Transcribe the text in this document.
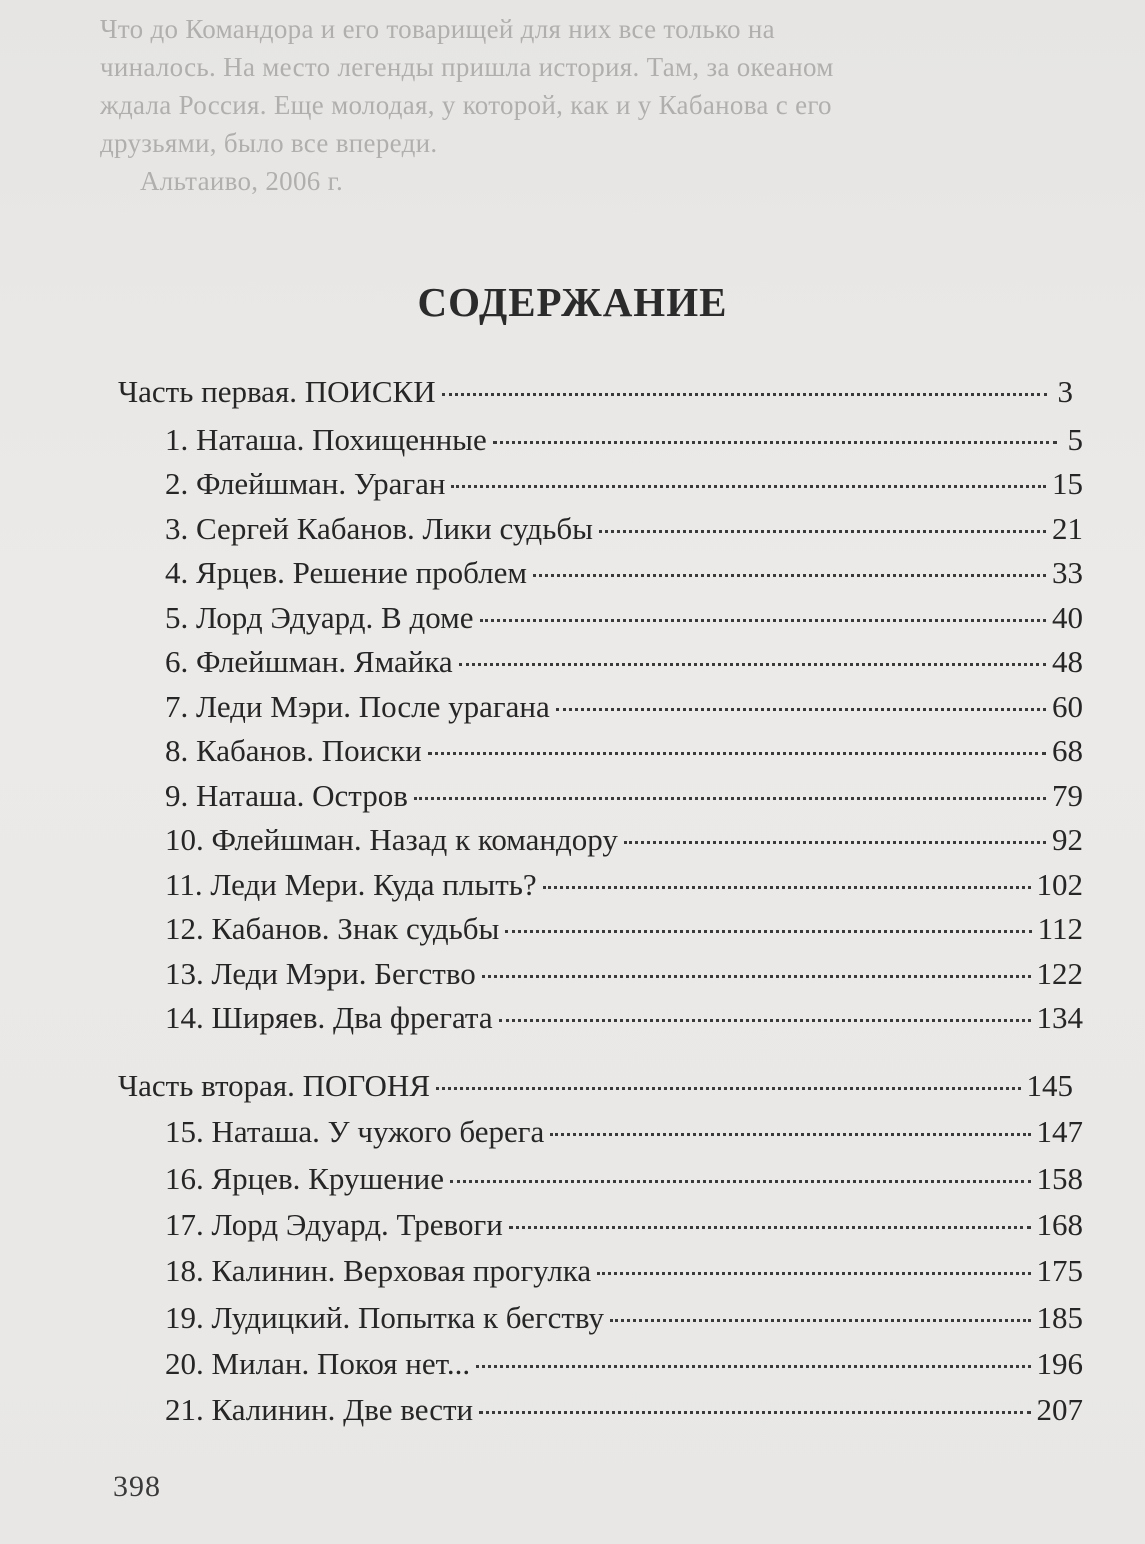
Что до Командора и его товарищей для них все только на
чиналось. На место легенды пришла история. Там, за океаном
ждала Россия. Еще молодая, у которой, как и у Кабанова с его
друзьями, было все впереди.
Альтаиво, 2006 г.
СОДЕРЖАНИЕ
Часть первая. ПОИСКИ	3
1. Наташа. Похищенные	5
2. Флейшман. Ураган	15
3. Сергей Кабанов. Лики судьбы	21
4. Ярцев. Решение проблем	33
5. Лорд Эдуард. В доме	40
6. Флейшман. Ямайка	48
7. Леди Мэри. После урагана	60
8. Кабанов. Поиски	68
9. Наташа. Остров	79
10. Флейшман. Назад к командору	92
11. Леди Мери. Куда плыть?	102
12. Кабанов. Знак судьбы	112
13. Леди Мэри. Бегство	122
14. Ширяев. Два фрегата	134
Часть вторая. ПОГОНЯ	145
15. Наташа. У чужого берега	147
16. Ярцев. Крушение	158
17. Лорд Эдуард. Тревоги	168
18. Калинин. Верховая прогулка	175
19. Лудицкий. Попытка к бегству	185
20. Милан. Покоя нет...	196
21. Калинин. Две вести	207
398
